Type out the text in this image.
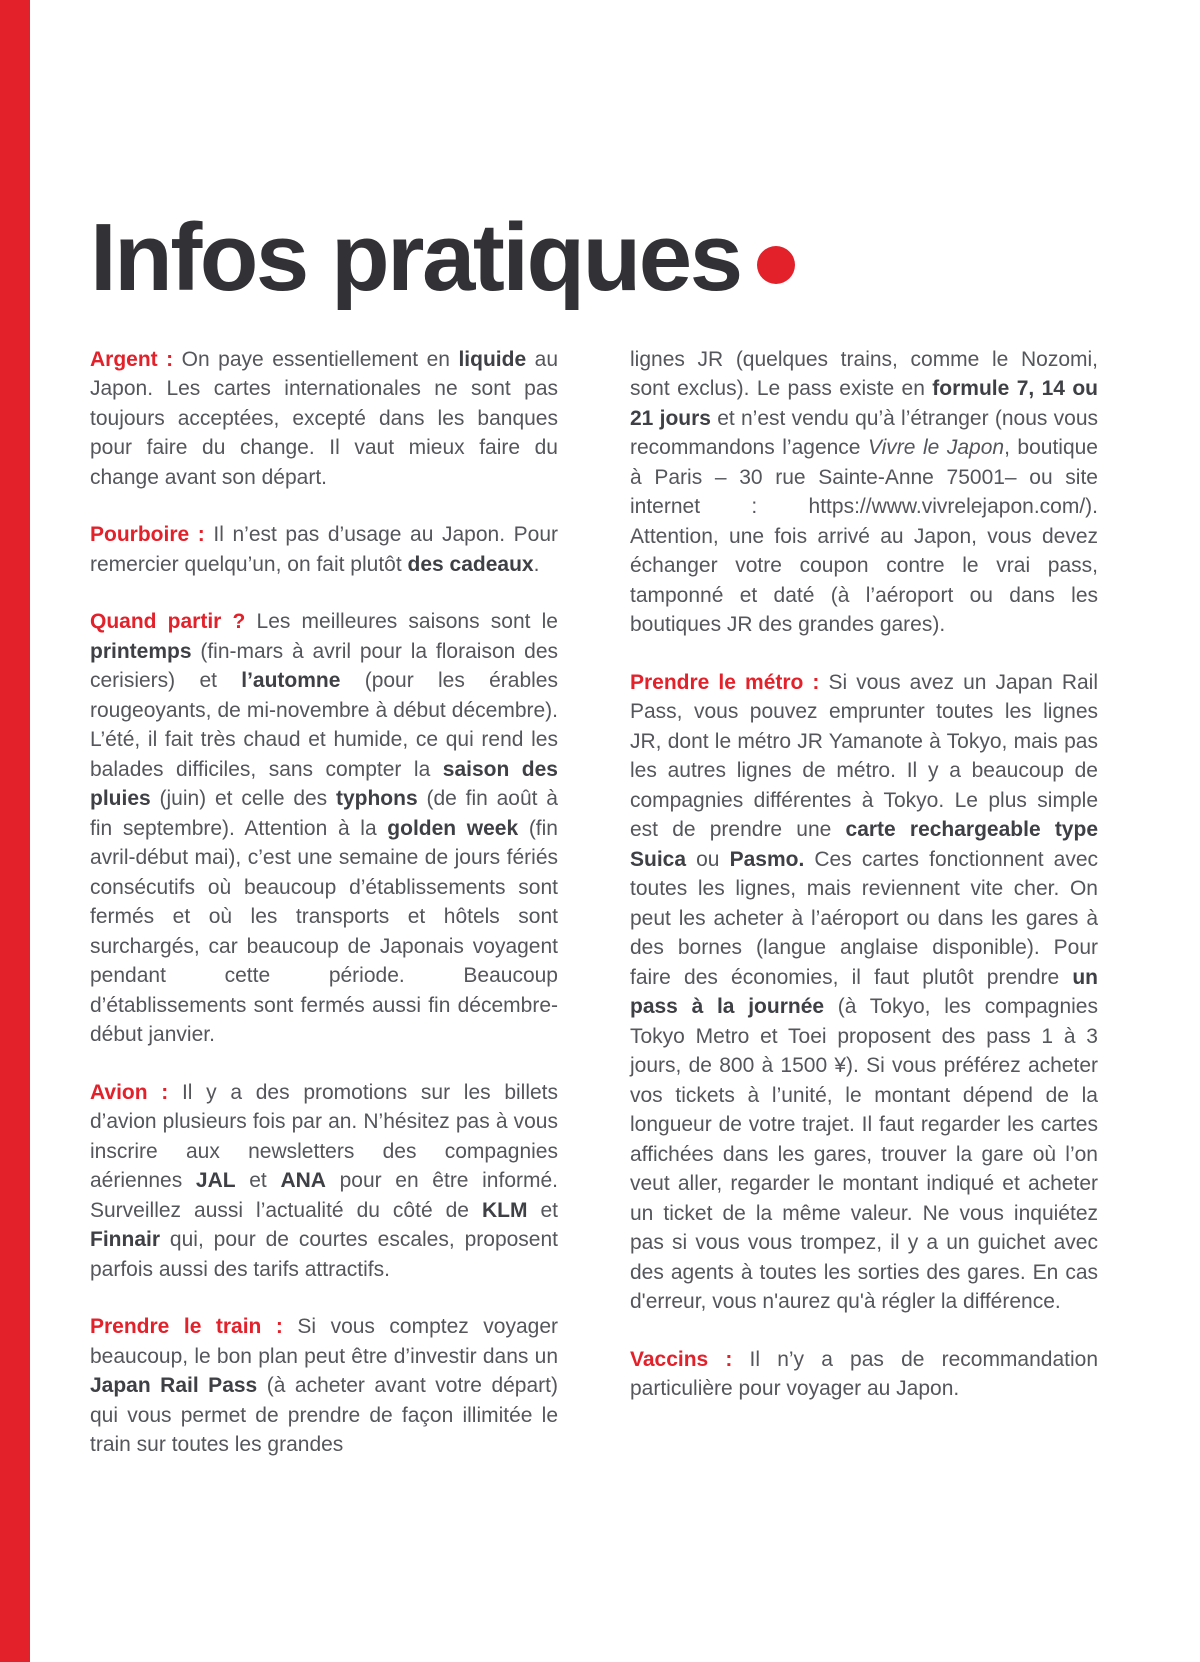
Infos pratiques

Argent : On paye essentiellement en liquide au Japon. Les cartes internationales ne sont pas toujours acceptées, excepté dans les banques pour faire du change. Il vaut mieux faire du change avant son départ.

Pourboire : Il n’est pas d’usage au Japon. Pour remercier quelqu’un, on fait plutôt des cadeaux.

Quand partir ? Les meilleures saisons sont le printemps (fin-mars à avril pour la floraison des cerisiers) et l’automne (pour les érables rougeoyants, de mi-novembre à début décembre). L’été, il fait très chaud et humide, ce qui rend les balades difficiles, sans compter la saison des pluies (juin) et celle des typhons (de fin août à fin septembre). Attention à la golden week (fin avril-début mai), c’est une semaine de jours fériés consécutifs où beaucoup d’établissements sont fermés et où les transports et hôtels sont surchargés, car beaucoup de Japonais voyagent pendant cette période. Beaucoup d’établissements sont fermés aussi fin décembre-début janvier.

Avion : Il y a des promotions sur les billets d’avion plusieurs fois par an. N’hésitez pas à vous inscrire aux newsletters des compagnies aériennes JAL et ANA pour en être informé. Surveillez aussi l’actualité du côté de KLM et Finnair qui, pour de courtes escales, proposent parfois aussi des tarifs attractifs.

Prendre le train : Si vous comptez voyager beaucoup, le bon plan peut être d’investir dans un Japan Rail Pass (à acheter avant votre départ) qui vous permet de prendre de façon illimitée le train sur toutes les grandes

lignes JR (quelques trains, comme le Nozomi, sont exclus). Le pass existe en formule 7, 14 ou 21 jours et n’est vendu qu’à l’étranger (nous vous recommandons l’agence Vivre le Japon, boutique à Paris – 30 rue Sainte-Anne 75001– ou site internet : https://www.vivrelejapon.com/). Attention, une fois arrivé au Japon, vous devez échanger votre coupon contre le vrai pass, tamponné et daté (à l’aéroport ou dans les boutiques JR des grandes gares).

Prendre le métro : Si vous avez un Japan Rail Pass, vous pouvez emprunter toutes les lignes JR, dont le métro JR Yamanote à Tokyo, mais pas les autres lignes de métro. Il y a beaucoup de compagnies différentes à Tokyo. Le plus simple est de prendre une carte rechargeable type Suica ou Pasmo. Ces cartes fonctionnent avec toutes les lignes, mais reviennent vite cher. On peut les acheter à l’aéroport ou dans les gares à des bornes (langue anglaise disponible). Pour faire des économies, il faut plutôt prendre un pass à la journée (à Tokyo, les compagnies Tokyo Metro et Toei proposent des pass 1 à 3 jours, de 800 à 1500 ¥). Si vous préférez acheter vos tickets à l’unité, le montant dépend de la longueur de votre trajet. Il faut regarder les cartes affichées dans les gares, trouver la gare où l’on veut aller, regarder le montant indiqué et acheter un ticket de la même valeur. Ne vous inquiétez pas si vous vous trompez, il y a un guichet avec des agents à toutes les sorties des gares. En cas d'erreur, vous n'aurez qu'à régler la différence.

Vaccins : Il n’y a pas de recommandation particulière pour voyager au Japon.
